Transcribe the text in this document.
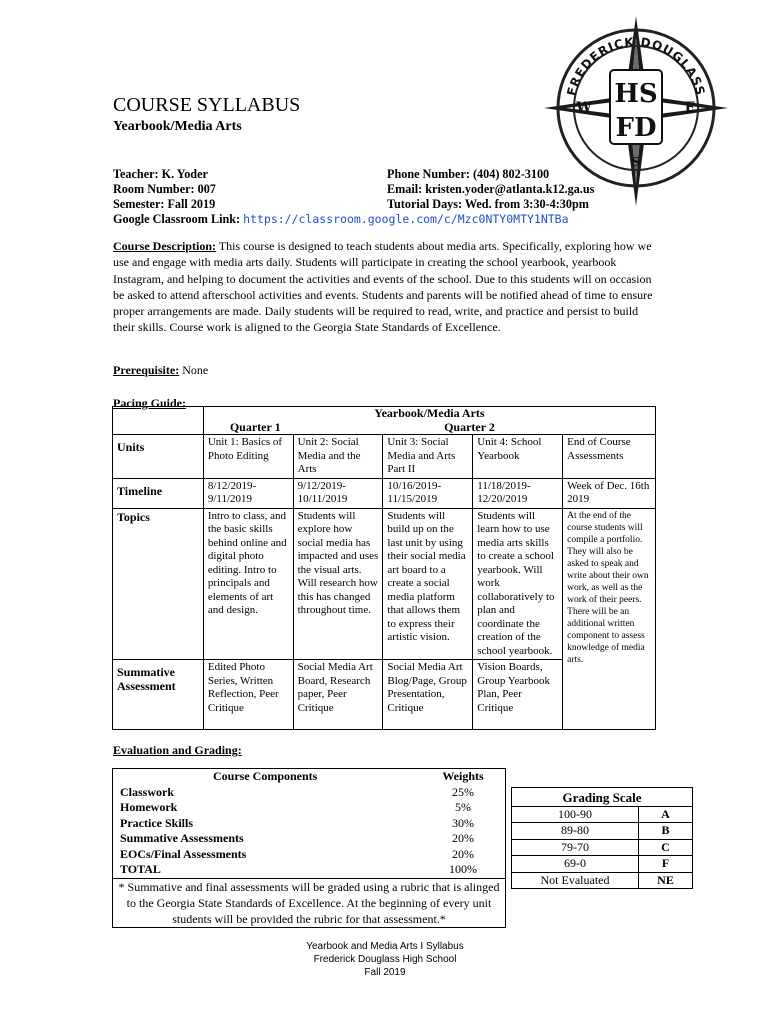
FREDERICK DOUGLASS
HS
FD
W	E
S
COURSE SYLLABUS
Yearbook/Media Arts
Teacher: K. Yoder
Room Number: 007
Semester: Fall 2019
Google Classroom Link: https://classroom.google.com/c/Mzc0NTY0MTY1NTBa
Phone Number: (404) 802-3100
Email: kristen.yoder@atlanta.k12.ga.us
Tutorial Days: Wed. from 3:30-4:30pm
Course Description: This course is designed to teach students about media arts. Specifically, exploring how we use and engage with media arts daily. Students will participate in creating the school yearbook, yearbook Instagram, and helping to document the activities and events of the school. Due to this students will on occasion be asked to attend afterschool activities and events. Students and parents will be notified ahead of time to ensure proper arrangements are made. Daily students will be required to read, write, and practice and persist to build their skills. Course work is aligned to the Georgia State Standards of Excellence.
Prerequisite: None
Pacing Guide:

	Yearbook/Media Arts
Quarter 1 Quarter 2				

Units	Unit 1: Basics of Photo Editing	Unit 2: Social Media and the Arts	Unit 3: Social Media and Arts Part II	Unit 4: School Yearbook	End of Course Assessments
Timeline	8/12/2019-9/11/2019	9/12/2019-10/11/2019	10/16/2019-11/15/2019	11/18/2019-12/20/2019	Week of Dec. 16th 2019
Topics	Intro to class, and the basic skills behind online and digital photo editing. Intro to principals and elements of art and design.	Students will explore how social media has impacted and uses the visual arts. Will research how this has changed throughout time.	Students will build up on the last unit by using their social media art board to a create a social media platform that allows them to express their artistic vision.	Students will learn how to use media arts skills to create a school yearbook. Will work collaboratively to plan and coordinate the creation of the school yearbook.	At the end of the course students will compile a portfolio. They will also be asked to speak and write about their own work, as well as the work of their peers. There will be an additional written component to assess knowledge of media arts.
Summative Assessment	Edited Photo Series, Written Reflection, Peer Critique	Social Media Art Board, Research paper, Peer Critique	Social Media Art Blog/Page, Group Presentation, Critique	Vision Boards, Group Yearbook Plan, Peer Critique	
Evaluation and Grading:
Course Components	Weights
Classwork	25%
Homework	5%
Practice Skills	30%
Summative Assessments	20%
EOCs/Final Assessments	20%
TOTAL	100%
* Summative and final assessments will be graded using a rubric that is alinged to the Georgia State Standards of Excellence. At the beginning of every unit students will be provided the rubric for that assessment.*
Grading Scale	
100-90	A
89-80	B
79-70	C
69-0	F
Not Evaluated	NE
Yearbook and Media Arts I Syllabus
Frederick Douglass High School
Fall 2019
